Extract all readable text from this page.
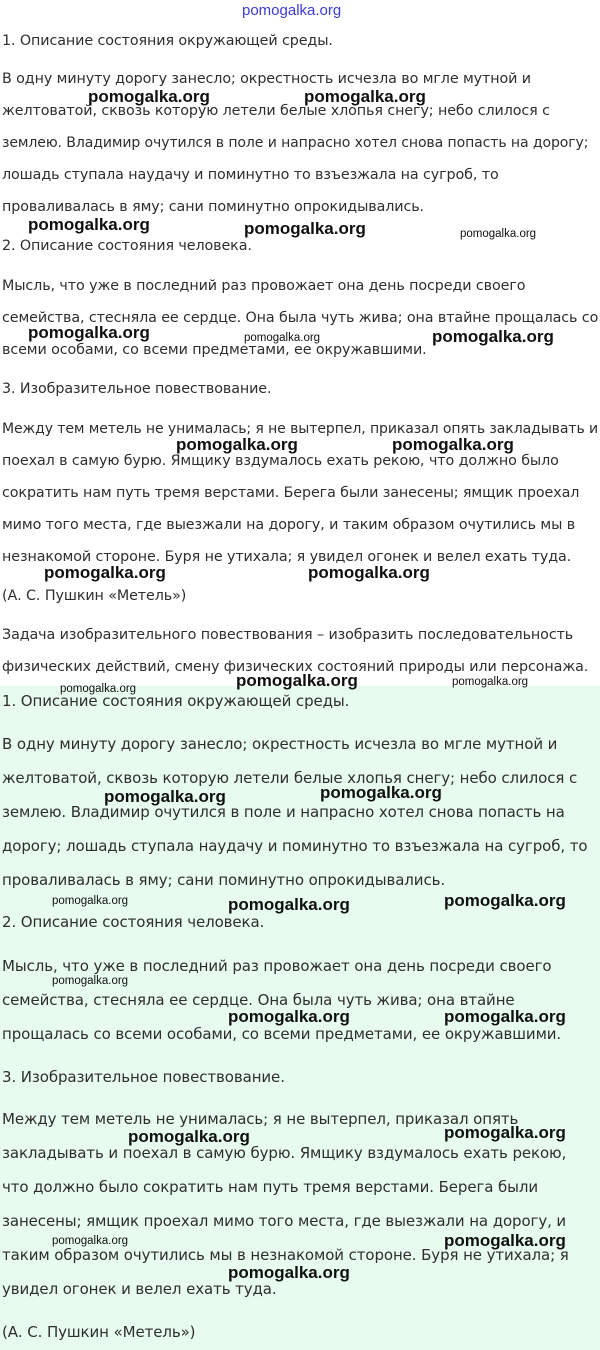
1. Описание состояния окружающей среды.

В одну минуту дорогу занесло; окрестность исчезла во мгле мутной и

желтоватой, сквозь которую летели белые хлопья снегу; небо слилося с

землею. Владимир очутился в поле и напрасно хотел снова попасть на дорогу;

лошадь ступала наудачу и поминутно то взъезжала на сугроб, то

проваливалась в яму; сани поминутно опрокидывались.

2. Описание состояния человека.

Мысль, что уже в последний раз провожает она день посреди своего

семейства, стесняла ее сердце. Она была чуть жива; она втайне прощалась со

всеми особами, со всеми предметами, ее окружавшими.

3. Изобразительное повествование.

Между тем метель не унималась; я не вытерпел, приказал опять закладывать и

поехал в самую бурю. Ямщику вздумалось ехать рекою, что должно было

сократить нам путь тремя верстами. Берега были занесены; ямщик проехал

мимо того места, где выезжали на дорогу, и таким образом очутились мы в

незнакомой стороне. Буря не утихала; я увидел огонек и велел ехать туда.

(А. С. Пушкин «Метель»)

Задача изобразительного повествования – изобразить последовательность

физических действий, смену физических состояний природы или персонажа.

1. Описание состояния окружающей среды.

В одну минуту дорогу занесло; окрестность исчезла во мгле мутной и

желтоватой, сквозь которую летели белые хлопья снегу; небо слилося с

землею. Владимир очутился в поле и напрасно хотел снова попасть на

дорогу; лошадь ступала наудачу и поминутно то взъезжала на сугроб, то

проваливалась в яму; сани поминутно опрокидывались.

2. Описание состояния человека.

Мысль, что уже в последний раз провожает она день посреди своего

семейства, стесняла ее сердце. Она была чуть жива; она втайне

прощалась со всеми особами, со всеми предметами, ее окружавшими.

3. Изобразительное повествование.

Между тем метель не унималась; я не вытерпел, приказал опять

закладывать и поехал в самую бурю. Ямщику вздумалось ехать рекою,

что должно было сократить нам путь тремя верстами. Берега были

занесены; ямщик проехал мимо того места, где выезжали на дорогу, и

таким образом очутились мы в незнакомой стороне. Буря не утихала; я

увидел огонек и велел ехать туда.

(А. С. Пушкин «Метель»)

pomogalka.org
pomogalka.org	pomogalka.org
pomogalka.org	pomogalka.org	pomogalka.org
pomogalka.org	pomogalka.org	pomogalka.org
pomogalka.org	pomogalka.org
pomogalka.org	pomogalka.org
pomogalka.org	pomogalka.org	pomogalka.org
pomogalka.org	pomogalka.org
pomogalka.org	pomogalka.org	pomogalka.org
pomogalka.org
pomogalka.org	pomogalka.org
pomogalka.org	pomogalka.org
pomogalka.org	pomogalka.org
pomogalka.org
